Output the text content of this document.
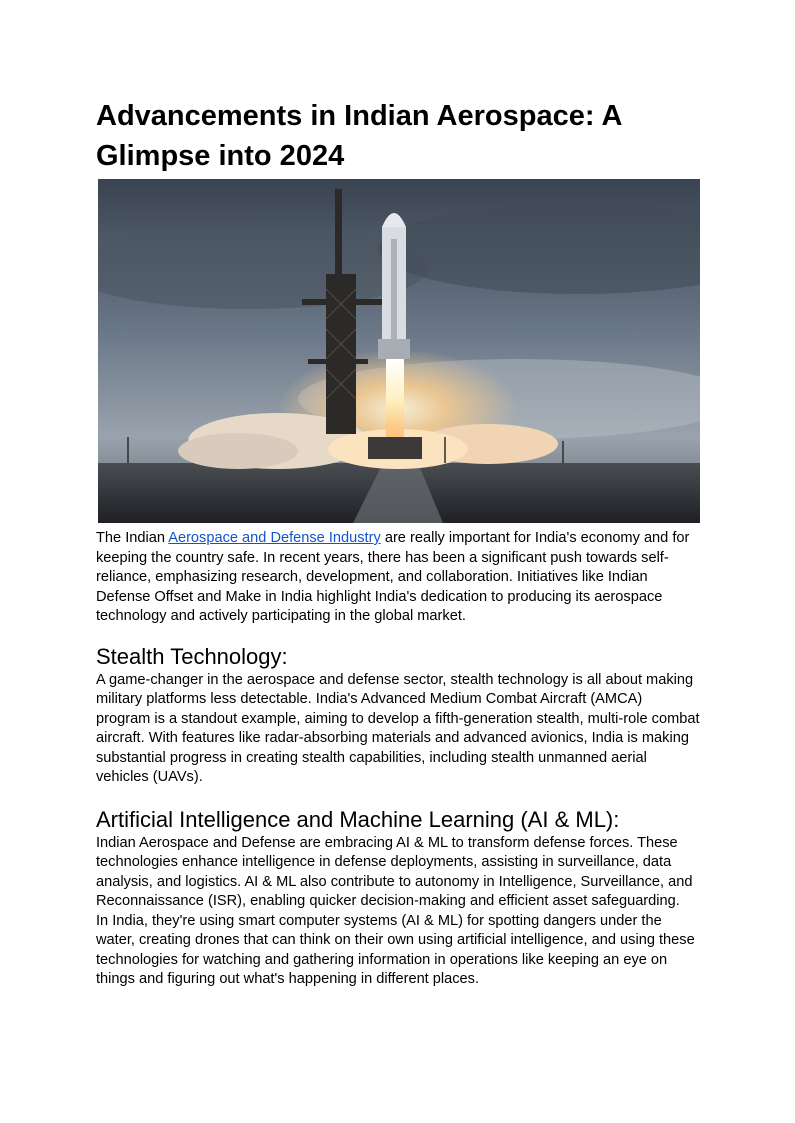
Advancements in Indian Aerospace: A Glimpse into 2024

The Indian Aerospace and Defense Industry are really important for India's economy and for keeping the country safe. In recent years, there has been a significant push towards self-reliance, emphasizing research, development, and collaboration. Initiatives like Indian Defense Offset and Make in India highlight India's dedication to producing its aerospace technology and actively participating in the global market.

Stealth Technology:

A game-changer in the aerospace and defense sector, stealth technology is all about making military platforms less detectable. India's Advanced Medium Combat Aircraft (AMCA) program is a standout example, aiming to develop a fifth-generation stealth, multi-role combat aircraft. With features like radar-absorbing materials and advanced avionics, India is making substantial progress in creating stealth capabilities, including stealth unmanned aerial vehicles (UAVs).

Artificial Intelligence and Machine Learning (AI & ML):

Indian Aerospace and Defense are embracing AI & ML to transform defense forces. These technologies enhance intelligence in defense deployments, assisting in surveillance, data analysis, and logistics. AI & ML also contribute to autonomy in Intelligence, Surveillance, and Reconnaissance (ISR), enabling quicker decision-making and efficient asset safeguarding.

In India, they're using smart computer systems (AI & ML) for spotting dangers under the water, creating drones that can think on their own using artificial intelligence, and using these technologies for watching and gathering information in operations like keeping an eye on things and figuring out what's happening in different places.
